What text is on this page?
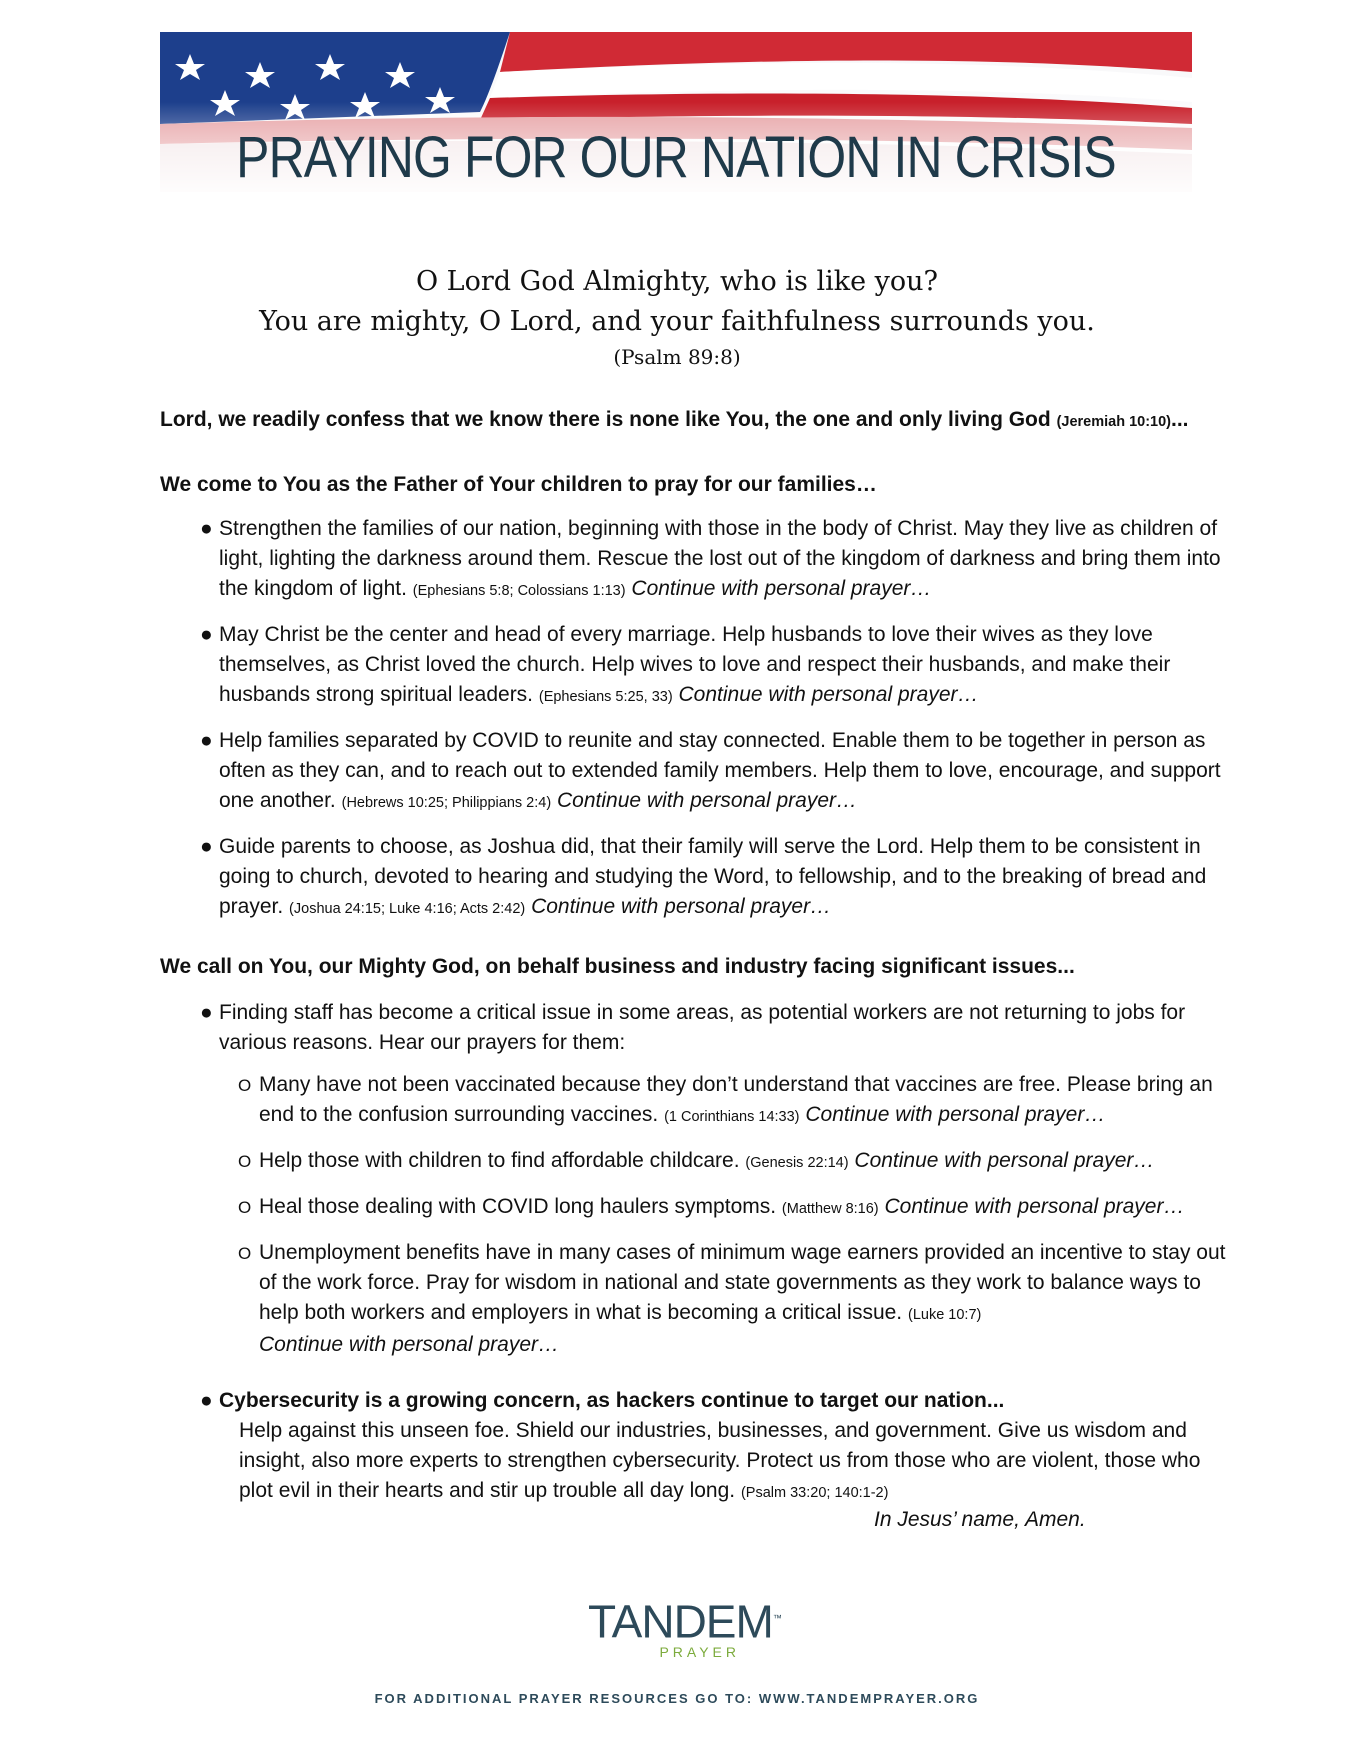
PRAYING FOR OUR NATION IN CRISIS
O Lord God Almighty, who is like you?
You are mighty, O Lord, and your faithfulness surrounds you.
(Psalm 89:8)

Lord, we readily confess that we know there is none like You, the one and only living God (Jeremiah 10:10)...

We come to You as the Father of Your children to pray for our families…

● Strengthen the families of our nation, beginning with those in the body of Christ. May they live as children of light, lighting the darkness around them. Rescue the lost out of the kingdom of darkness and bring them into the kingdom of light. (Ephesians 5:8; Colossians 1:13) Continue with personal prayer…
● May Christ be the center and head of every marriage. Help husbands to love their wives as they love themselves, as Christ loved the church. Help wives to love and respect their husbands, and make their husbands strong spiritual leaders. (Ephesians 5:25, 33) Continue with personal prayer…
● Help families separated by COVID to reunite and stay connected. Enable them to be together in person as often as they can, and to reach out to extended family members. Help them to love, encourage, and support one another. (Hebrews 10:25; Philippians 2:4) Continue with personal prayer…
● Guide parents to choose, as Joshua did, that their family will serve the Lord. Help them to be consistent in going to church, devoted to hearing and studying the Word, to fellowship, and to the breaking of bread and prayer. (Joshua 24:15; Luke 4:16; Acts 2:42) Continue with personal prayer…

We call on You, our Mighty God, on behalf business and industry facing significant issues...

● Finding staff has become a critical issue in some areas, as potential workers are not returning to jobs for various reasons. Hear our prayers for them:
O Many have not been vaccinated because they don’t understand that vaccines are free. Please bring an end to the confusion surrounding vaccines. (1 Corinthians 14:33) Continue with personal prayer…
O Help those with children to find affordable childcare. (Genesis 22:14) Continue with personal prayer…
O Heal those dealing with COVID long haulers symptoms. (Matthew 8:16) Continue with personal prayer…
O Unemployment benefits have in many cases of minimum wage earners provided an incentive to stay out of the work force. Pray for wisdom in national and state governments as they work to balance ways to help both workers and employers in what is becoming a critical issue. (Luke 10:7)
Continue with personal prayer…
● Cybersecurity is a growing concern, as hackers continue to target our nation...
Help against this unseen foe. Shield our industries, businesses, and government. Give us wisdom and insight, also more experts to strengthen cybersecurity. Protect us from those who are violent, those who plot evil in their hearts and stir up trouble all day long. (Psalm 33:20; 140:1-2)
In Jesus’ name, Amen.
TANDEM™
PRAYER
FOR ADDITIONAL PRAYER RESOURCES GO TO: WWW.TANDEMPRAYER.ORG
